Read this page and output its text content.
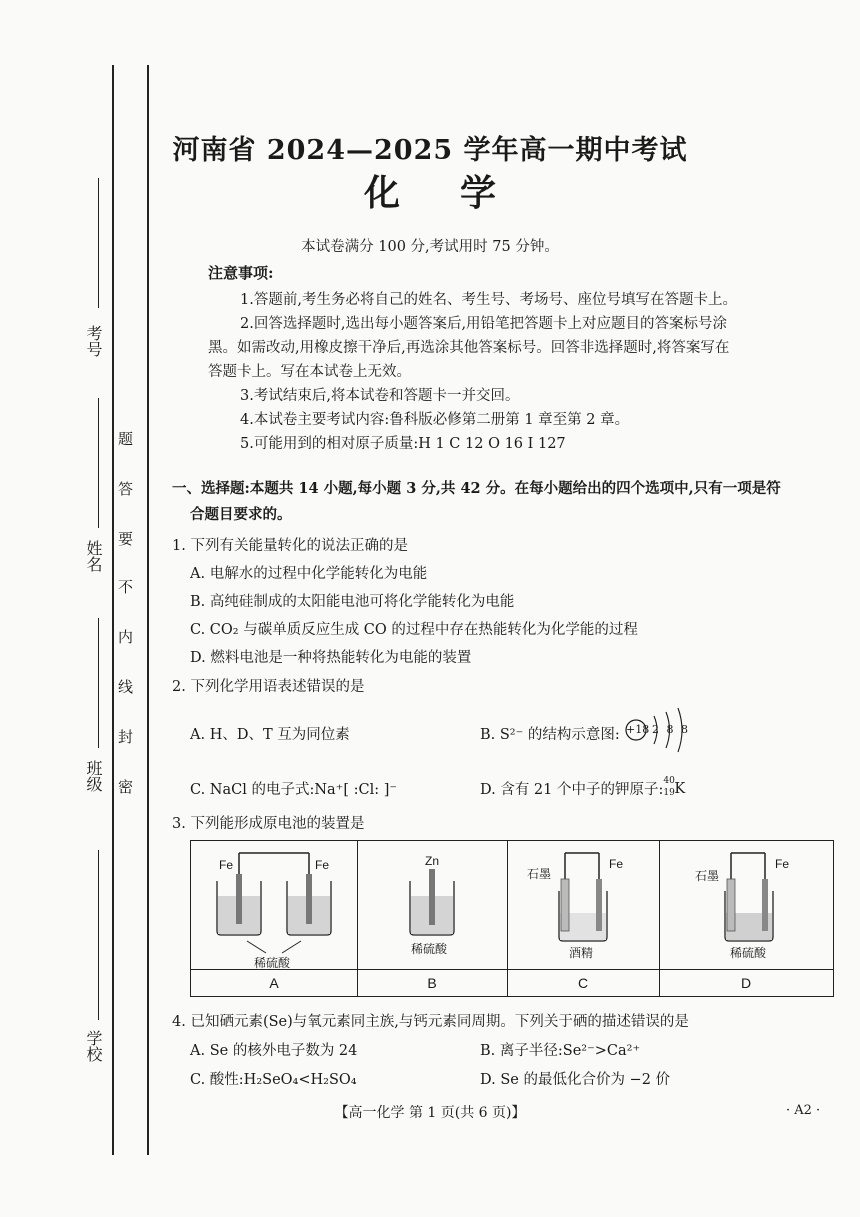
考号
姓名
班级
学校
题
答
要
不
内
线
封
密
河南省 2024—2025 学年高一期中考试
化学
本试卷满分 100 分,考试用时 75 分钟。
注意事项:
1.答题前,考生务必将自己的姓名、考生号、考场号、座位号填写在答题卡上。
2.回答选择题时,选出每小题答案后,用铅笔把答题卡上对应题目的答案标号涂
黑。如需改动,用橡皮擦干净后,再选涂其他答案标号。回答非选择题时,将答案写在
答题卡上。写在本试卷上无效。
3.考试结束后,将本试卷和答题卡一并交回。
4.本试卷主要考试内容:鲁科版必修第二册第 1 章至第 2 章。
5.可能用到的相对原子质量:H 1 C 12 O 16 I 127
一、选择题:本题共 14 小题,每小题 3 分,共 42 分。在每小题给出的四个选项中,只有一项是符
合题目要求的。
1. 下列有关能量转化的说法正确的是
A. 电解水的过程中化学能转化为电能
B. 高纯硅制成的太阳能电池可将化学能转化为电能
C. CO₂ 与碳单质反应生成 CO 的过程中存在热能转化为化学能的过程
D. 燃料电池是一种将热能转化为电能的装置
2. 下列化学用语表述错误的是
A. H、D、T 互为同位素	B. S²⁻ 的结构示意图: +18 2 8 8
C. NaCl 的电子式:Na⁺[ :Cl: ]⁻	D. 含有 21 个中子的钾原子:
40
19 K
3. 下列能形成原电池的装置是
Fe	Fe
稀硫酸
A
Zn
稀硫酸
B
石墨
Fe
酒精
C
石墨
Fe
稀硫酸
D
4. 已知硒元素(Se)与氧元素同主族,与钙元素同周期。下列关于硒的描述错误的是
A. Se 的核外电子数为 24	B. 离子半径:Se²⁻>Ca²⁺
C. 酸性:H₂SeO₄<H₂SO₄	D. Se 的最低化合价为 −2 价
【高一化学 第 1 页(共 6 页)】	· A2 ·
